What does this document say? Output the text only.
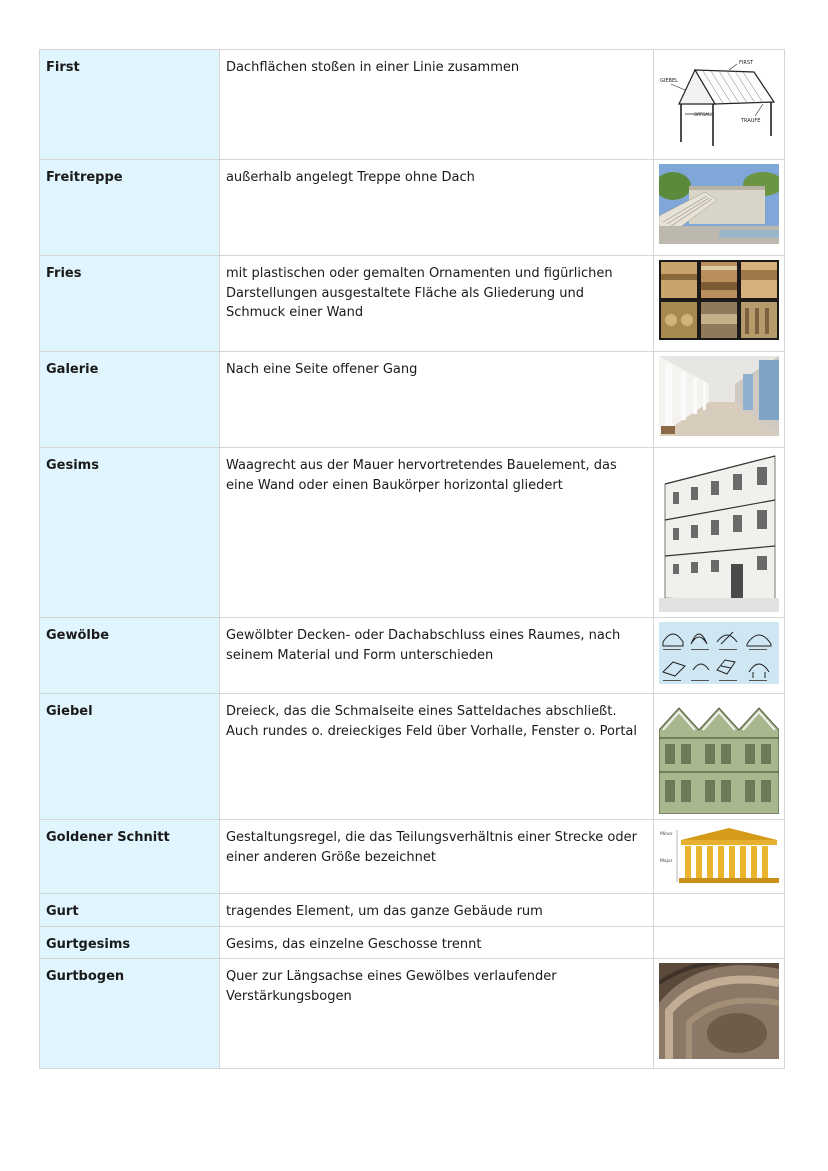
First	Dachflächen stoßen in einer Linie zusammen	FIRST
GIEBEL
ORTGANG
TRAUFE

Freitreppe	außerhalb angelegt Treppe ohne Dach	

Fries	mit plastischen oder gemalten Ornamenten und figürlichen Darstellungen ausgestaltete Fläche als Gliederung und Schmuck einer Wand	

Galerie	Nach eine Seite offener Gang	

Gesims	Waagrecht aus der Mauer hervortretendes Bauelement, das eine Wand oder einen Baukörper horizontal gliedert	

Gewölbe	Gewölbter Decken- oder Dachabschluss eines Raumes, nach seinem Material und Form unterschieden	

Giebel	Dreieck, das die Schmalseite eines Satteldaches abschließt. Auch rundes o. dreieckiges Feld über Vorhalle, Fenster o. Portal	

Goldener Schnitt	Gestaltungsregel, die das Teilungsverhältnis einer Strecke oder einer anderen Größe bezeichnet	Minor
Major

Gurt	tragendes Element, um das ganze Gebäude rum	
Gurtgesims	Gesims, das einzelne Geschosse trennt	
Gurtbogen	Quer zur Längsachse eines Gewölbes verlaufender Verstärkungsbogen	
